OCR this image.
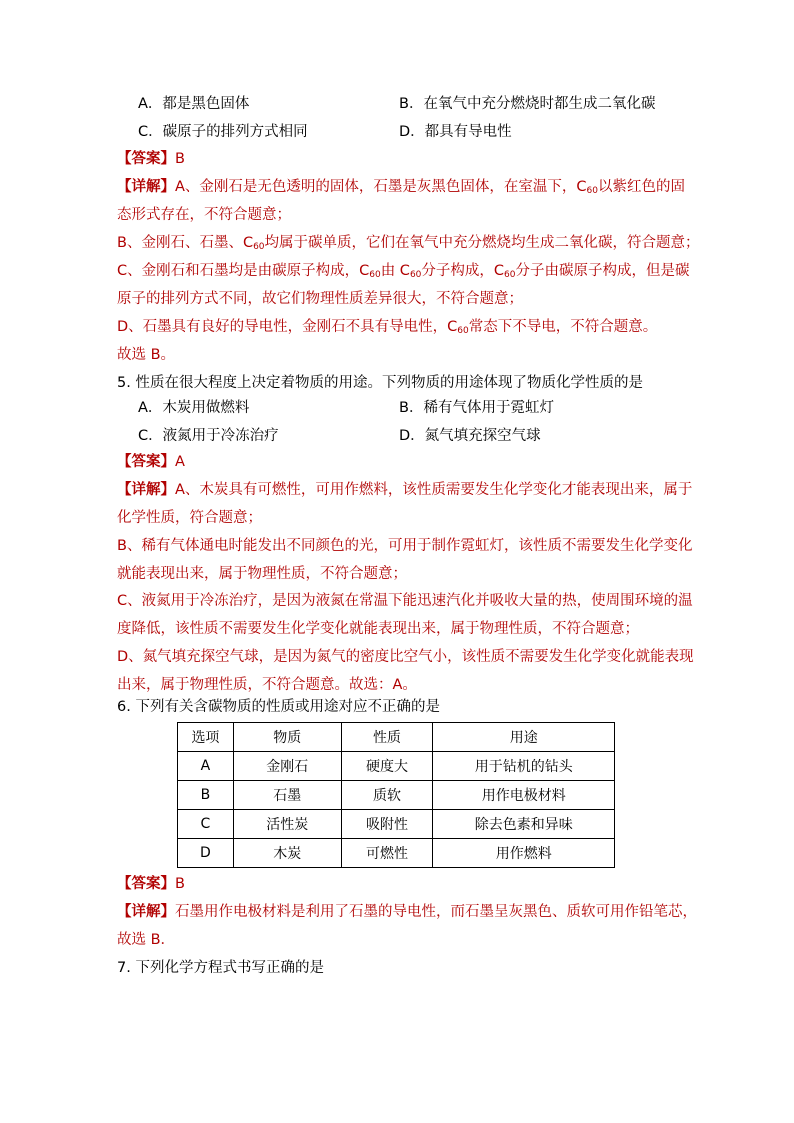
A．都是黑色固体	B．在氧气中充分燃烧时都生成二氧化碳
C．碳原子的排列方式相同	D．都具有导电性
【答案】B
【详解】A、金刚石是无色透明的固体，石墨是灰黑色固体，在室温下，$C_{60}$以紫红色的固
态形式存在，不符合题意；
B、金刚石、石墨、$C_{60}$均属于碳单质，它们在氧气中充分燃烧均生成二氧化碳，符合题意；
C、金刚石和石墨均是由碳原子构成，$C_{60}$由 $C_{60}$分子构成，$C_{60}$分子由碳原子构成，但是碳
原子的排列方式不同，故它们物理性质差异很大，不符合题意；
D、石墨具有良好的导电性，金刚石不具有导电性，$C_{60}$常态下不导电，不符合题意。
故选 B。
5. 性质在很大程度上决定着物质的用途。下列物质的用途体现了物质化学性质的是
A．木炭用做燃料	B．稀有气体用于霓虹灯
C．液氮用于冷冻治疗	D．氮气填充探空气球
【答案】A
【详解】A、木炭具有可燃性，可用作燃料，该性质需要发生化学变化才能表现出来，属于
化学性质，符合题意；
B、稀有气体通电时能发出不同颜色的光，可用于制作霓虹灯，该性质不需要发生化学变化
就能表现出来，属于物理性质，不符合题意；
C、液氮用于冷冻治疗，是因为液氮在常温下能迅速汽化并吸收大量的热，使周围环境的温
度降低，该性质不需要发生化学变化就能表现出来，属于物理性质，不符合题意；
D、氮气填充探空气球，是因为氮气的密度比空气小，该性质不需要发生化学变化就能表现
出来，属于物理性质，不符合题意。故选：A。
6. 下列有关含碳物质的性质或用途对应不正确的是
选项	物质	性质	用途
A	金刚石	硬度大	用于钻机的钻头
B	石墨	质软	用作电极材料
C	活性炭	吸附性	除去色素和异味
D	木炭	可燃性	用作燃料
【答案】B
【详解】石墨用作电极材料是利用了石墨的导电性，而石墨呈灰黑色、质软可用作铅笔芯，
故选 B．
7. 下列化学方程式书写正确的是
